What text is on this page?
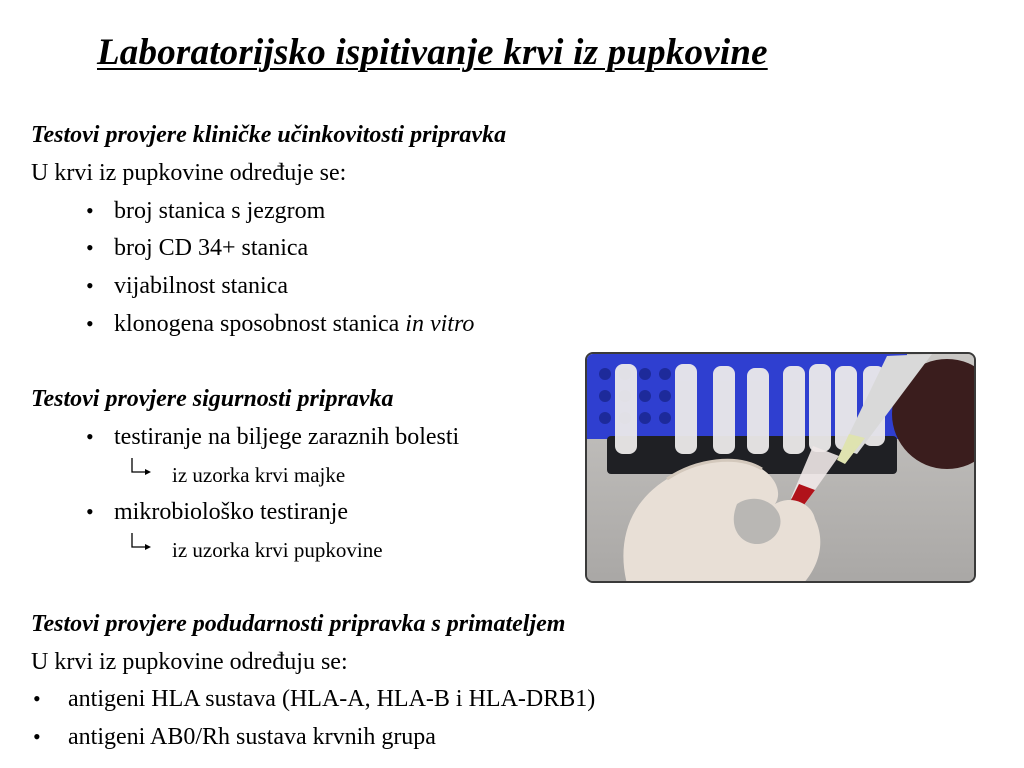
Laboratorijsko ispitivanje krvi iz pupkovine
Testovi provjere kliničke učinkovitosti pripravka
U krvi iz pupkovine određuje se:
• broj stanica s jezgrom
• broj CD 34+ stanica
• vijabilnost stanica
• klonogena sposobnost stanica in vitro
Testovi provjere sigurnosti pripravka
• testiranje na biljege zaraznih bolesti
iz uzorka krvi majke
• mikrobiološko testiranje
iz uzorka krvi pupkovine
Testovi provjere podudarnosti pripravka s primateljem
U krvi iz pupkovine određuju se:
• antigeni HLA sustava (HLA-A, HLA-B i HLA-DRB1)
• antigeni AB0/Rh sustava krvnih grupa
